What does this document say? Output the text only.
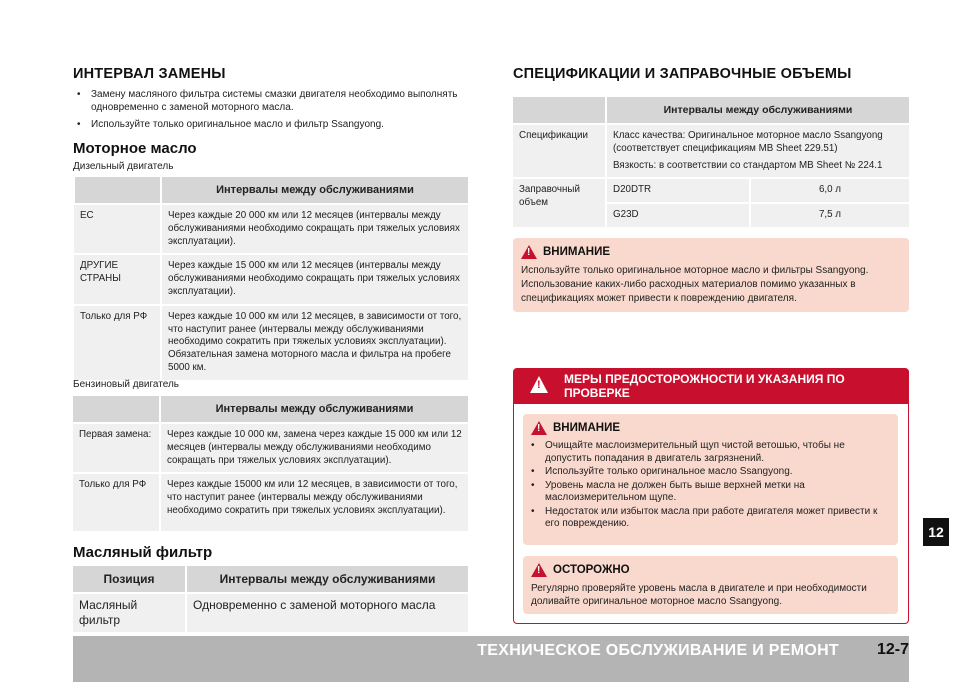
ИНТЕРВАЛ ЗАМЕНЫ
• Замену масляного фильтра системы смазки двигателя необходимо выполнять одновременно с заменой моторного масла.
• Используйте только оригинальное масло и фильтр Ssangyong.
Моторное масло
Дизельный двигатель
	Интервалы между обслуживаниями
ЕС	Через каждые 20 000 км или 12 месяцев (интервалы между обслуживаниями необходимо сокращать при тяжелых условиях эксплуатации).
ДРУГИЕ СТРАНЫ	Через каждые 15 000 км или 12 месяцев (интервалы между обслуживаниями необходимо сокращать при тяжелых условиях эксплуатации).
Только для РФ	Через каждые 10 000 км или 12 месяцев, в зависимости от того, что наступит ранее (интервалы между обслуживаниями необходимо сократить при тяжелых условиях эксплуатации). Обязательная замена моторного масла и фильтра на пробеге 5000 км.
Бензиновый двигатель
	Интервалы между обслуживаниями
Первая замена:	Через каждые 10 000 км, замена через каждые 15 000 км или 12 месяцев (интервалы между обслуживаниями необходимо сокращать при тяжелых условиях эксплуатации).
Только для РФ	Через каждые 15000 км или 12 месяцев, в зависимости от того, что наступит ранее (интервалы между обслуживаниями необходимо сократить при тяжелых условиях эксплуатации).
Масляный фильтр
Позиция	Интервалы между обслуживаниями
Масляный фильтр	Одновременно с заменой моторного масла
СПЕЦИФИКАЦИИ И ЗАПРАВОЧНЫЕ ОБЪЕМЫ
	Интервалы между обслуживаниями	
Спецификации	Класс качества: Оригинальное моторное масло Ssangyong (соответствует спецификациям MB Sheet 229.51)
Вязкость: в соответствии со стандартом MB Sheet № 224.1	

Заправочный объем	D20DTR	6,0 л
	G23D	7,5 л
!
ВНИМАНИЕ
Используйте только оригинальное моторное масло и фильтры Ssangyong. Использование каких-либо расходных материалов помимо указанных в спецификациях может привести к повреждению двигателя.
! МЕРЫ ПРЕДОСТОРОЖНОСТИ И УКАЗАНИЯ ПО ПРОВЕРКЕ
!
ВНИМАНИЕ
• Очищайте маслоизмерительный щуп чистой ветошью, чтобы не допустить попадания в двигатель загрязнений.
• Используйте только оригинальное масло Ssangyong.
• Уровень масла не должен быть выше верхней метки на маслоизмерительном щупе.
• Недостаток или избыток масла при работе двигателя может привести к его повреждению.
!
ОСТОРОЖНО
Регулярно проверяйте уровень масла в двигателе и при необходимости доливайте оригинальное моторное масло Ssangyong.
12
ТЕХНИЧЕСКОЕ ОБСЛУЖИВАНИЕ И РЕМОНТ 12-7
